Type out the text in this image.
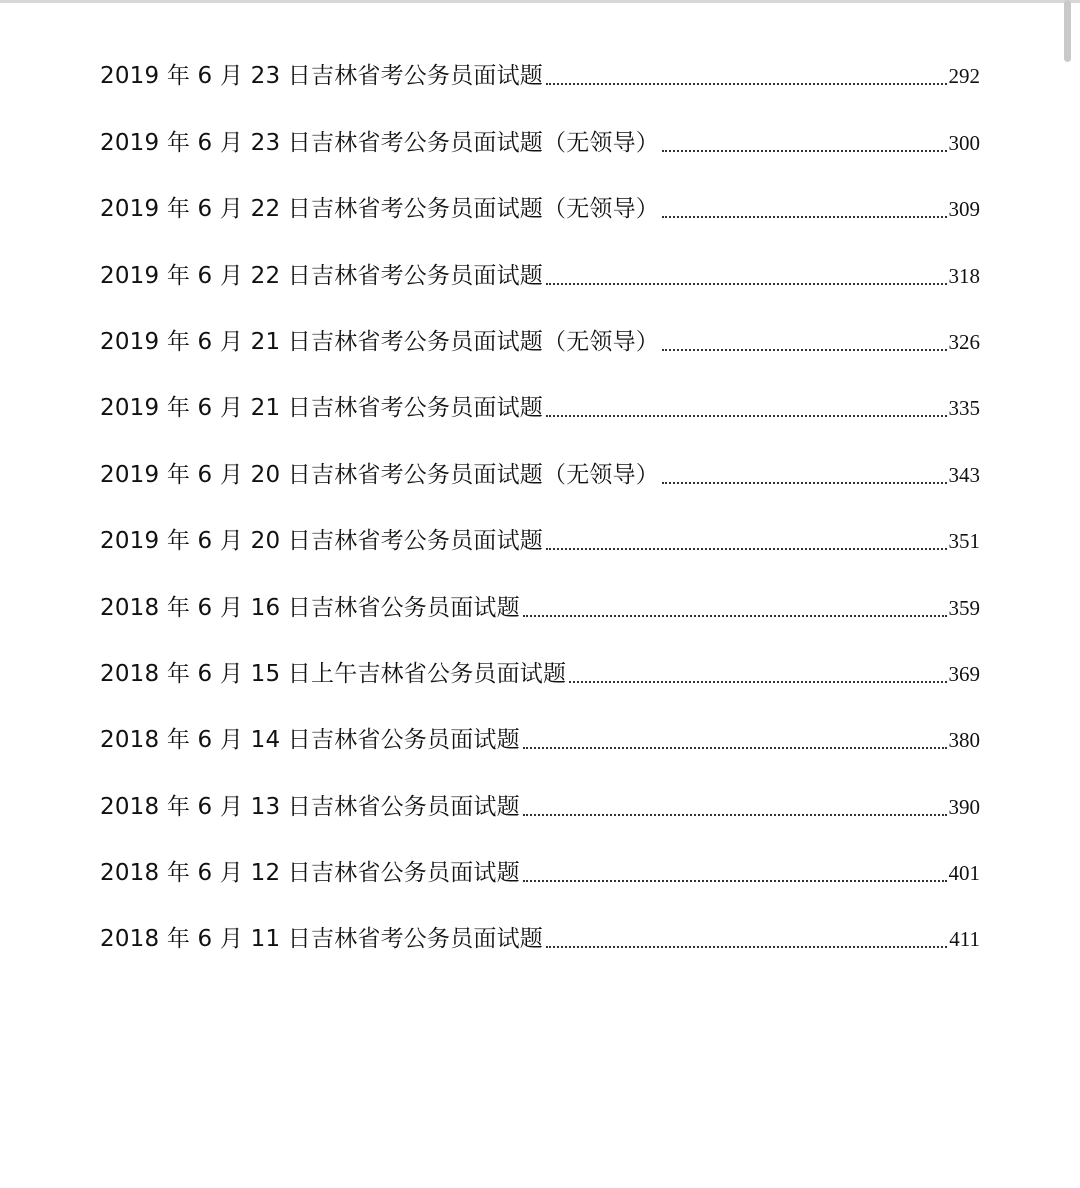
2019 年 6 月 23 日吉林省考公务员面试题	292
2019 年 6 月 23 日吉林省考公务员面试题（无领导）	300
2019 年 6 月 22 日吉林省考公务员面试题（无领导）	309
2019 年 6 月 22 日吉林省考公务员面试题	318
2019 年 6 月 21 日吉林省考公务员面试题（无领导）	326
2019 年 6 月 21 日吉林省考公务员面试题	335
2019 年 6 月 20 日吉林省考公务员面试题（无领导）	343
2019 年 6 月 20 日吉林省考公务员面试题	351
2018 年 6 月 16 日吉林省公务员面试题	359
2018 年 6 月 15 日上午吉林省公务员面试题	369
2018 年 6 月 14 日吉林省公务员面试题	380
2018 年 6 月 13 日吉林省公务员面试题	390
2018 年 6 月 12 日吉林省公务员面试题	401
2018 年 6 月 11 日吉林省考公务员面试题	411
